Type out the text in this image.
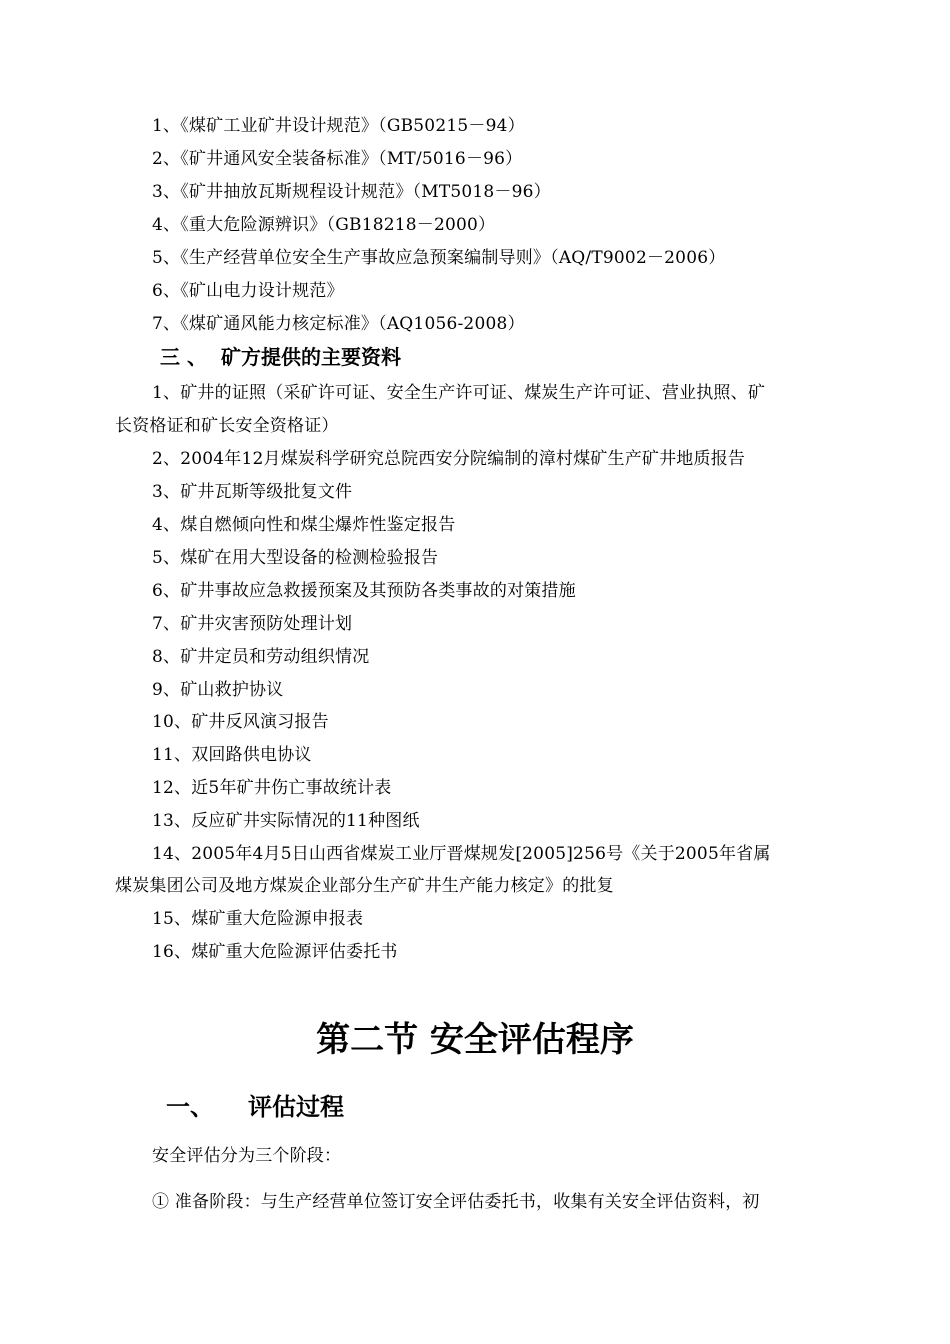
1、《煤矿工业矿井设计规范》（GB50215－94）
2、《矿井通风安全装备标准》（MT/5016－96）
3、《矿井抽放瓦斯规程设计规范》（MT5018－96）
4、《重大危险源辨识》（GB18218－2000）
5、《生产经营单位安全生产事故应急预案编制导则》（AQ/T9002－2006）
6、《矿山电力设计规范》
7、《煤矿通风能力核定标准》（AQ1056-2008）
三 、 矿方提供的主要资料
1、矿井的证照（采矿许可证、安全生产许可证、煤炭生产许可证、营业执照、矿
长资格证和矿长安全资格证）
2、2004年12月煤炭科学研究总院西安分院编制的漳村煤矿生产矿井地质报告
3、矿井瓦斯等级批复文件
4、煤自燃倾向性和煤尘爆炸性鉴定报告
5、煤矿在用大型设备的检测检验报告
6、矿井事故应急救援预案及其预防各类事故的对策措施
7、矿井灾害预防处理计划
8、矿井定员和劳动组织情况
9、矿山救护协议
10、矿井反风演习报告
11、双回路供电协议
12、近5年矿井伤亡事故统计表
13、反应矿井实际情况的11种图纸
14、2005年4月5日山西省煤炭工业厅晋煤规发[2005]256号《关于2005年省属
煤炭集团公司及地方煤炭企业部分生产矿井生产能力核定》的批复
15、煤矿重大危险源申报表
16、煤矿重大危险源评估委托书
第二节 安全评估程序
一、 评估过程
安全评估分为三个阶段：
① 准备阶段：与生产经营单位签订安全评估委托书，收集有关安全评估资料，初
